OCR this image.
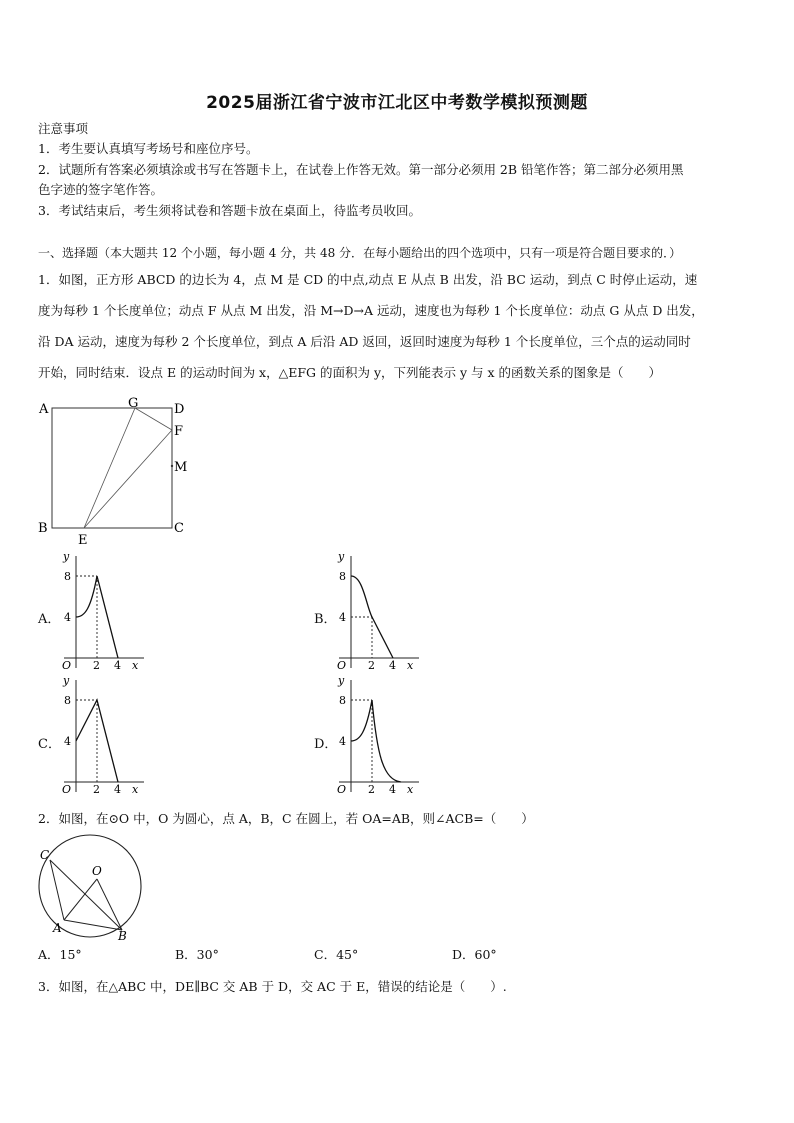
2025届浙江省宁波市江北区中考数学模拟预测题
注意事项
1．考生要认真填写考场号和座位序号。
2．试题所有答案必须填涂或书写在答题卡上，在试卷上作答无效。第一部分必须用 2B 铅笔作答；第二部分必须用黑
色字迹的签字笔作答。
3．考试结束后，考生须将试卷和答题卡放在桌面上，待监考员收回。
一、选择题（本大题共 12 个小题，每小题 4 分，共 48 分．在每小题给出的四个选项中，只有一项是符合题目要求的．）
1．如图，正方形 ABCD 的边长为 4，点 M 是 CD 的中点,动点 E 从点 B 出发，沿 BC 运动，到点 C 时停止运动，速
度为每秒 1 个长度单位；动点 F 从点 M 出发，沿 M→D→A 远动，速度也为每秒 1 个长度单位：动点 G 从点 D 出发，
沿 DA 运动，速度为每秒 2 个长度单位，到点 A 后沿 AD 返回，返回时速度为每秒 1 个长度单位，三个点的运动同时
开始，同时结束．设点 E 的运动时间为 x，△EFG 的面积为 y，下列能表示 y 与 x 的函数关系的图象是（　　）
A	G	D
F
M
B	C
E
A．	B．
C．	D．
y
8
4
O 2 4 x
y
8
4
O 2 4 x
y
8
4
O 2 4 x
y
8
4
O 2 4 x
2．如图，在⊙O 中，O 为圆心，点 A，B，C 在圆上，若 OA=AB，则∠ACB=（　　）
C
O
A
B
A．15°	B．30°	C．45°	D．60°
3．如图，在△ABC 中，DE∥BC 交 AB 于 D，交 AC 于 E，错误的结论是（　　）.
